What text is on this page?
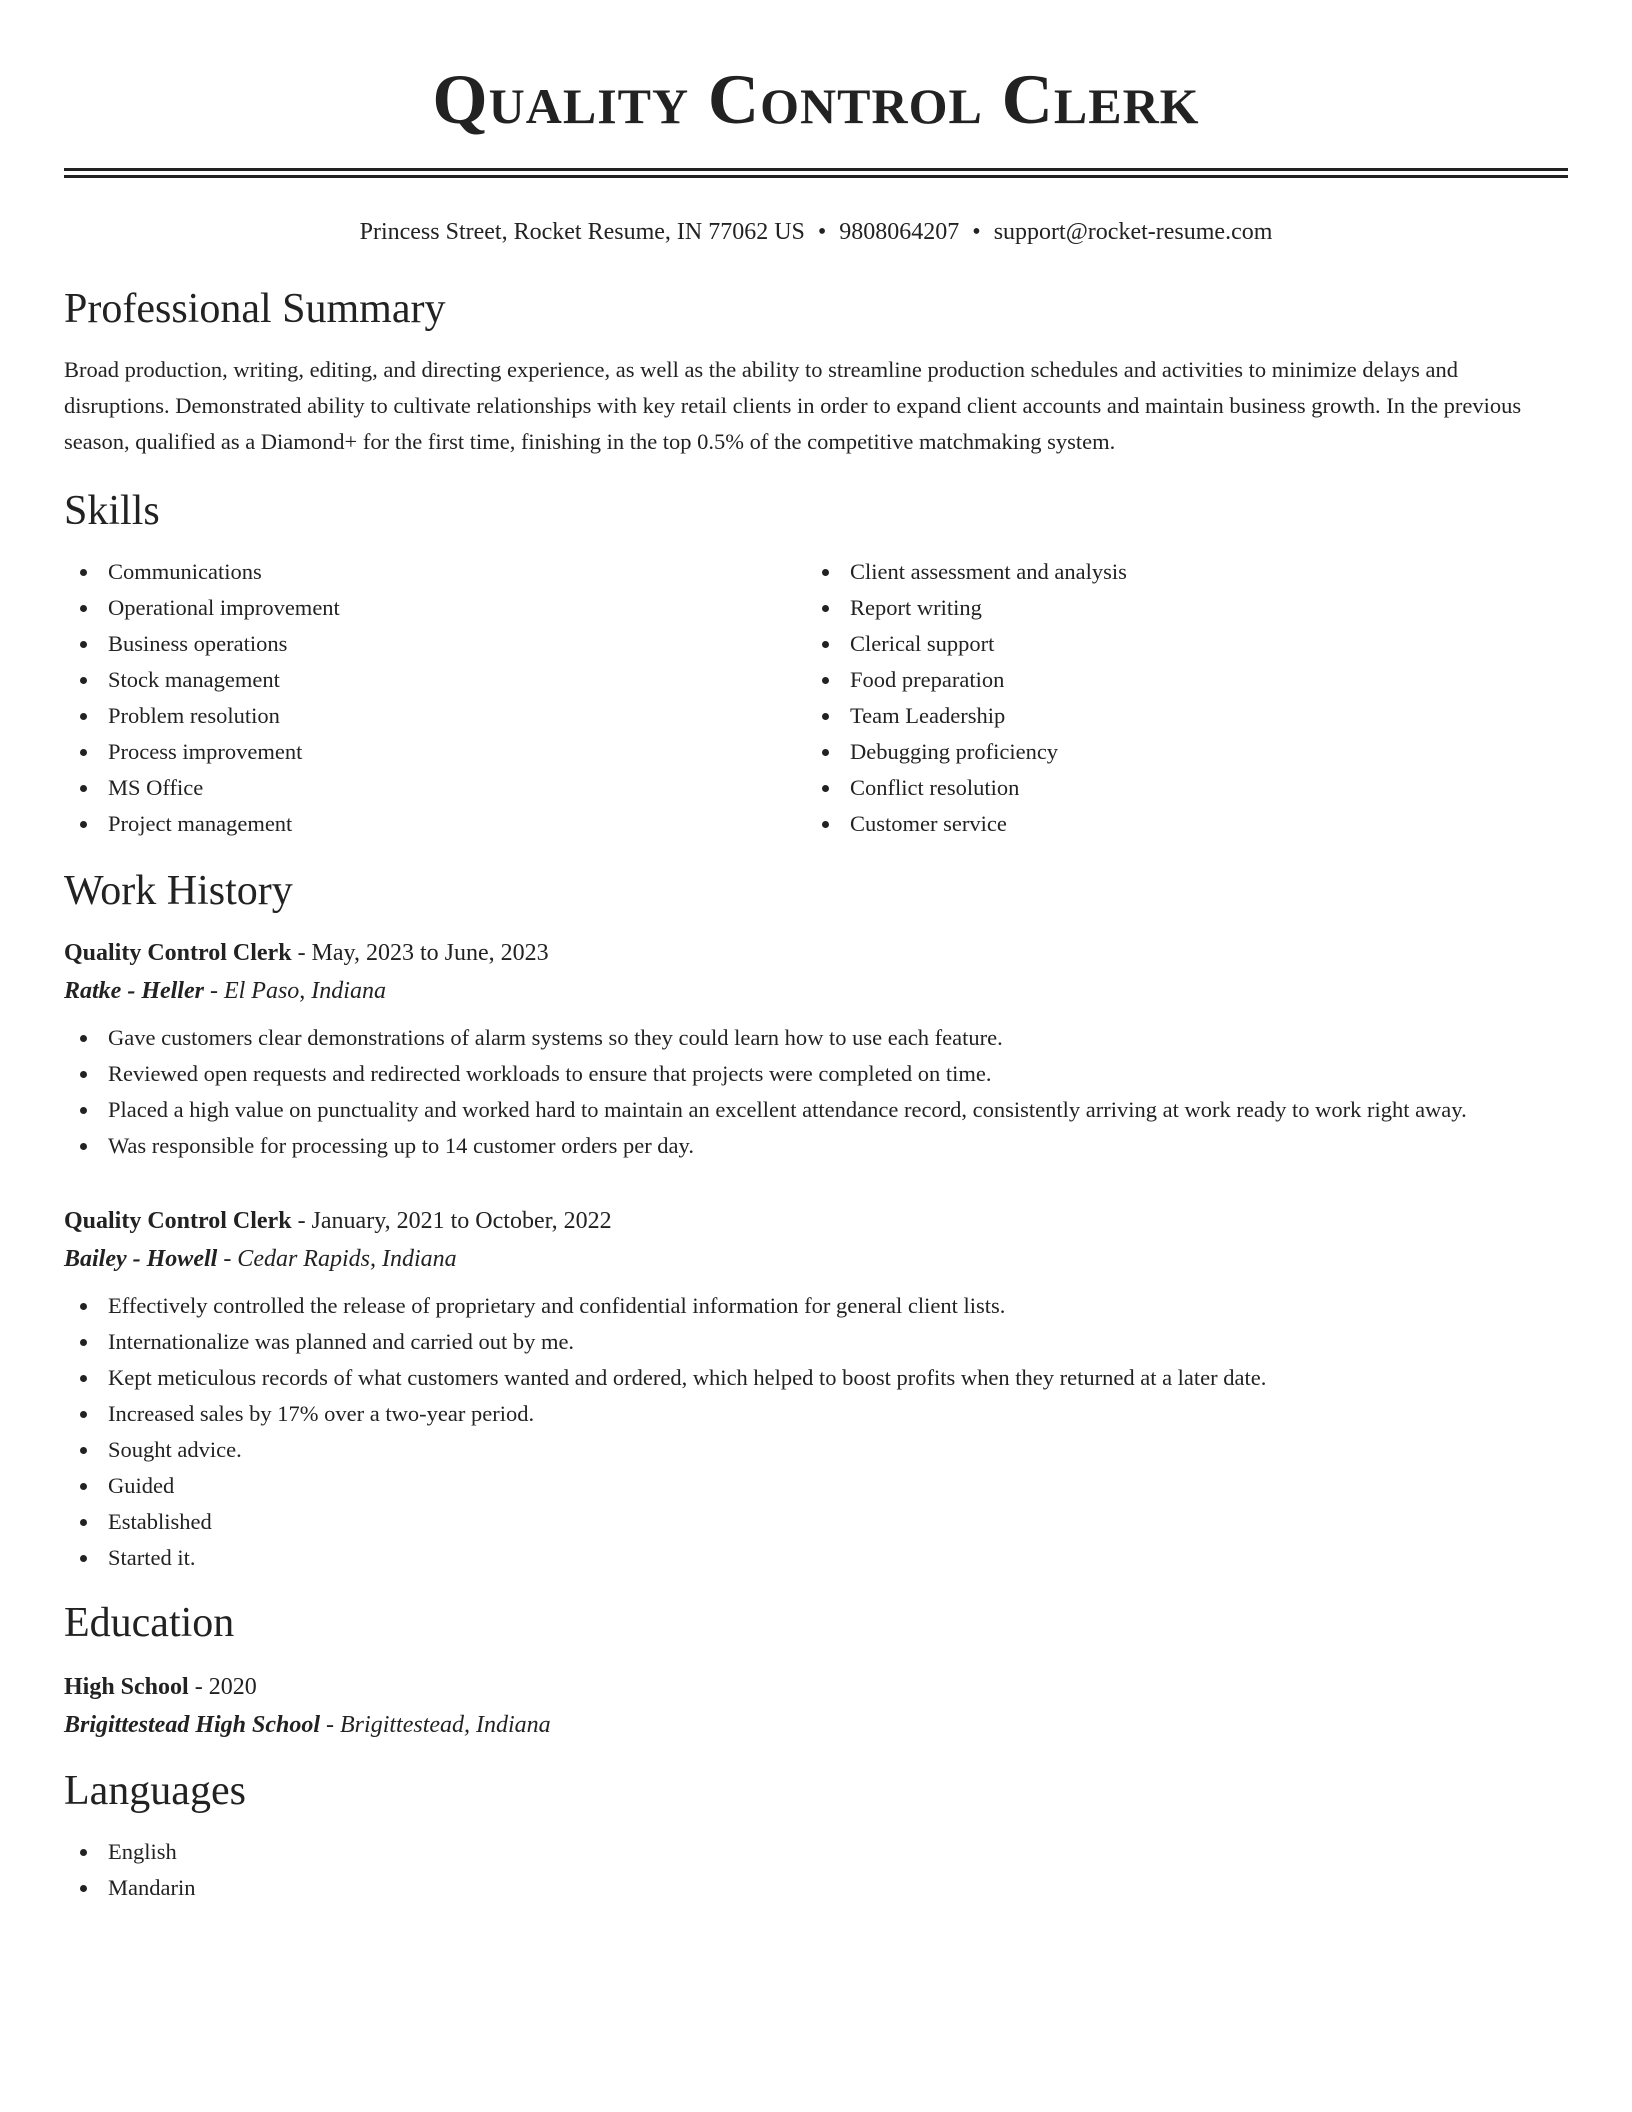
Quality Control Clerk
Princess Street, Rocket Resume, IN 77062 US • 9808064207 • support@rocket-resume.com
Professional Summary

Broad production, writing, editing, and directing experience, as well as the ability to streamline production schedules and activities to minimize delays and disruptions. Demonstrated ability to cultivate relationships with key retail clients in order to expand client accounts and maintain business growth. In the previous season, qualified as a Diamond+ for the first time, finishing in the top 0.5% of the competitive matchmaking system.

Skills
Communications
Operational improvement
Business operations
Stock management
Problem resolution
Process improvement
MS Office
Project management
Client assessment and analysis
Report writing
Clerical support
Food preparation
Team Leadership
Debugging proficiency
Conflict resolution
Customer service
Work History
Quality Control Clerk - May, 2023 to June, 2023
Ratke - Heller - El Paso, Indiana
Gave customers clear demonstrations of alarm systems so they could learn how to use each feature.
Reviewed open requests and redirected workloads to ensure that projects were completed on time.
Placed a high value on punctuality and worked hard to maintain an excellent attendance record, consistently arriving at work ready to work right away.
Was responsible for processing up to 14 customer orders per day.
Quality Control Clerk - January, 2021 to October, 2022
Bailey - Howell - Cedar Rapids, Indiana
Effectively controlled the release of proprietary and confidential information for general client lists.
Internationalize was planned and carried out by me.
Kept meticulous records of what customers wanted and ordered, which helped to boost profits when they returned at a later date.
Increased sales by 17% over a two-year period.
Sought advice.
Guided
Established
Started it.
Education
High School - 2020
Brigittestead High School - Brigittestead, Indiana
Languages
English
Mandarin
